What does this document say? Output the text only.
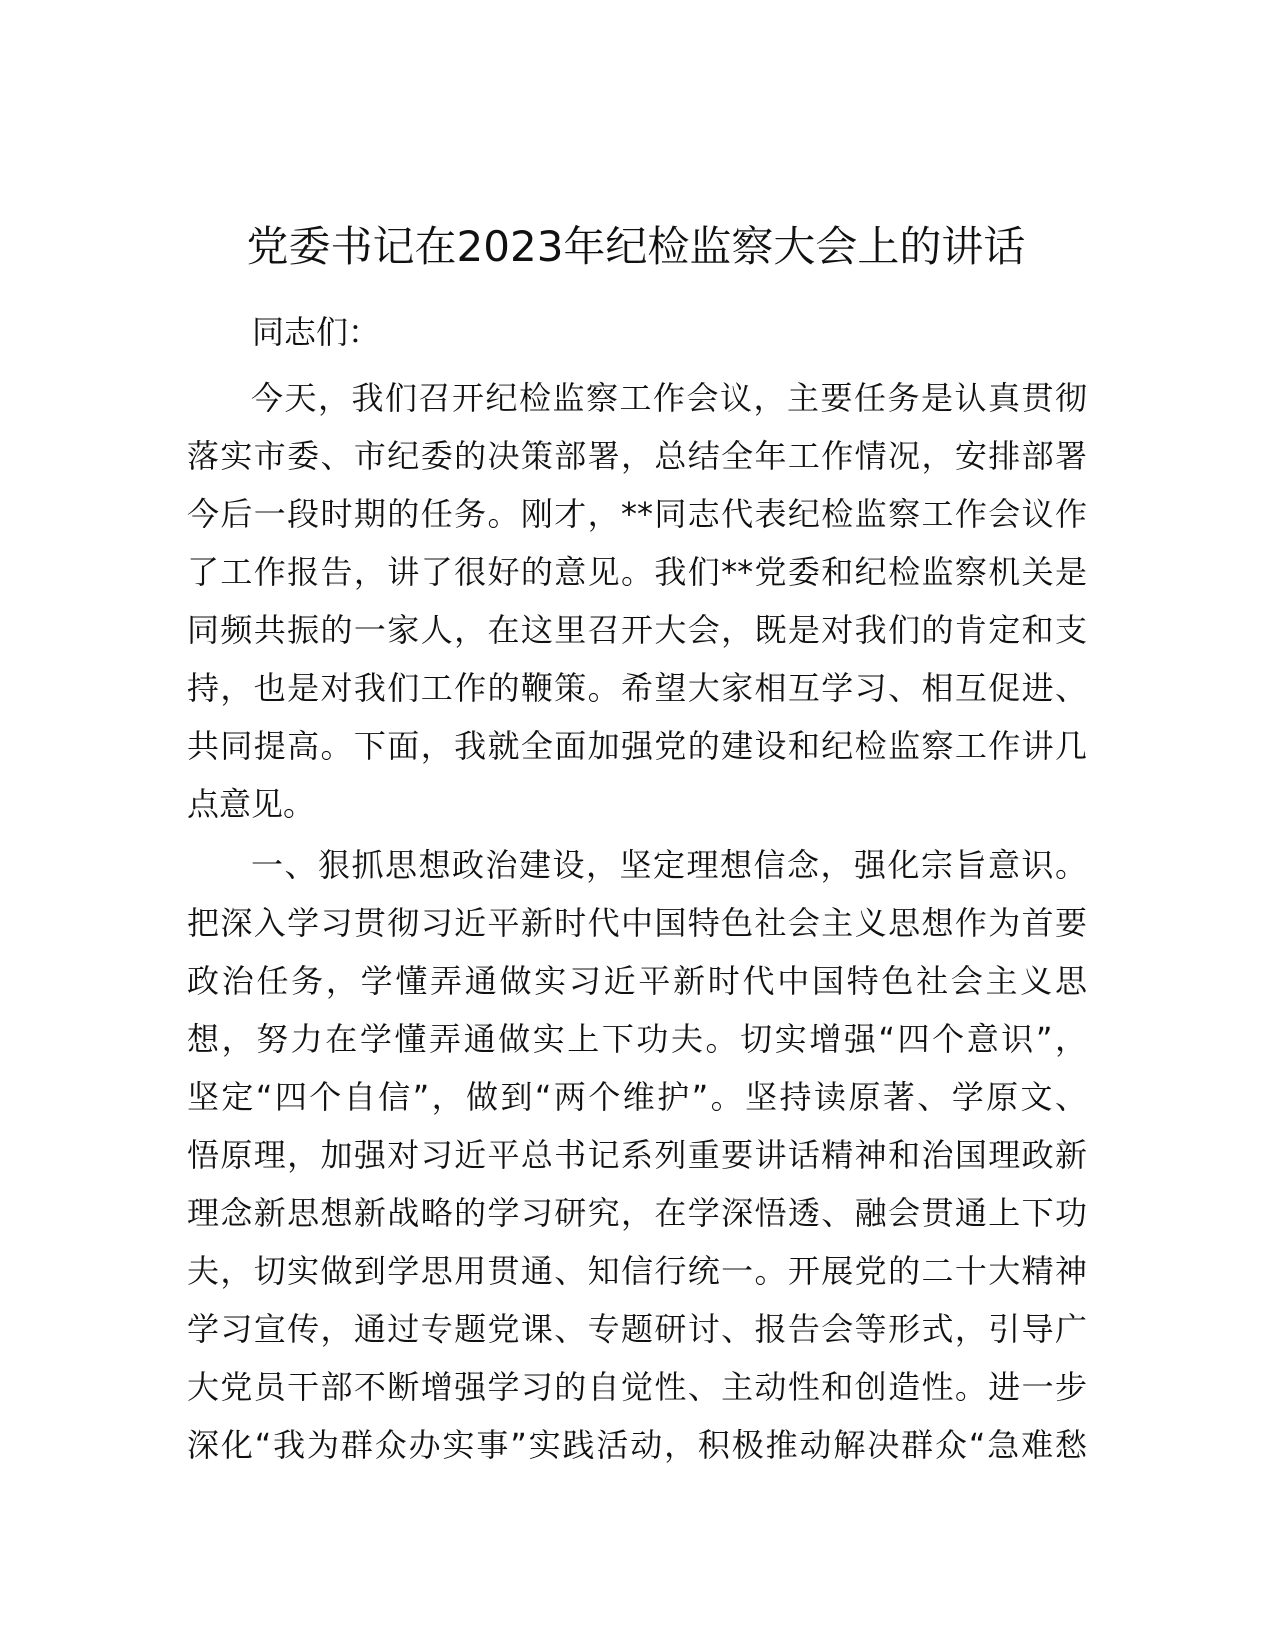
党委书记在2023年纪检监察大会上的讲话

同志们：

今天，我们召开纪检监察工作会议，主要任务是认真贯彻
落实市委、市纪委的决策部署，总结全年工作情况，安排部署
今后一段时期的任务。刚才，**同志代表纪检监察工作会议作
了工作报告，讲了很好的意见。我们**党委和纪检监察机关是
同频共振的一家人，在这里召开大会，既是对我们的肯定和支
持，也是对我们工作的鞭策。希望大家相互学习、相互促进、
共同提高。下面，我就全面加强党的建设和纪检监察工作讲几
点意见。
一、狠抓思想政治建设，坚定理想信念，强化宗旨意识。
把深入学习贯彻习近平新时代中国特色社会主义思想作为首要
政治任务，学懂弄通做实习近平新时代中国特色社会主义思
想，努力在学懂弄通做实上下功夫。切实增强“四个意识”，
坚定“四个自信”，做到“两个维护”。坚持读原著、学原文、
悟原理，加强对习近平总书记系列重要讲话精神和治国理政新
理念新思想新战略的学习研究，在学深悟透、融会贯通上下功
夫，切实做到学思用贯通、知信行统一。开展党的二十大精神
学习宣传，通过专题党课、专题研讨、报告会等形式，引导广
大党员干部不断增强学习的自觉性、主动性和创造性。进一步
深化“我为群众办实事”实践活动，积极推动解决群众“急难愁
